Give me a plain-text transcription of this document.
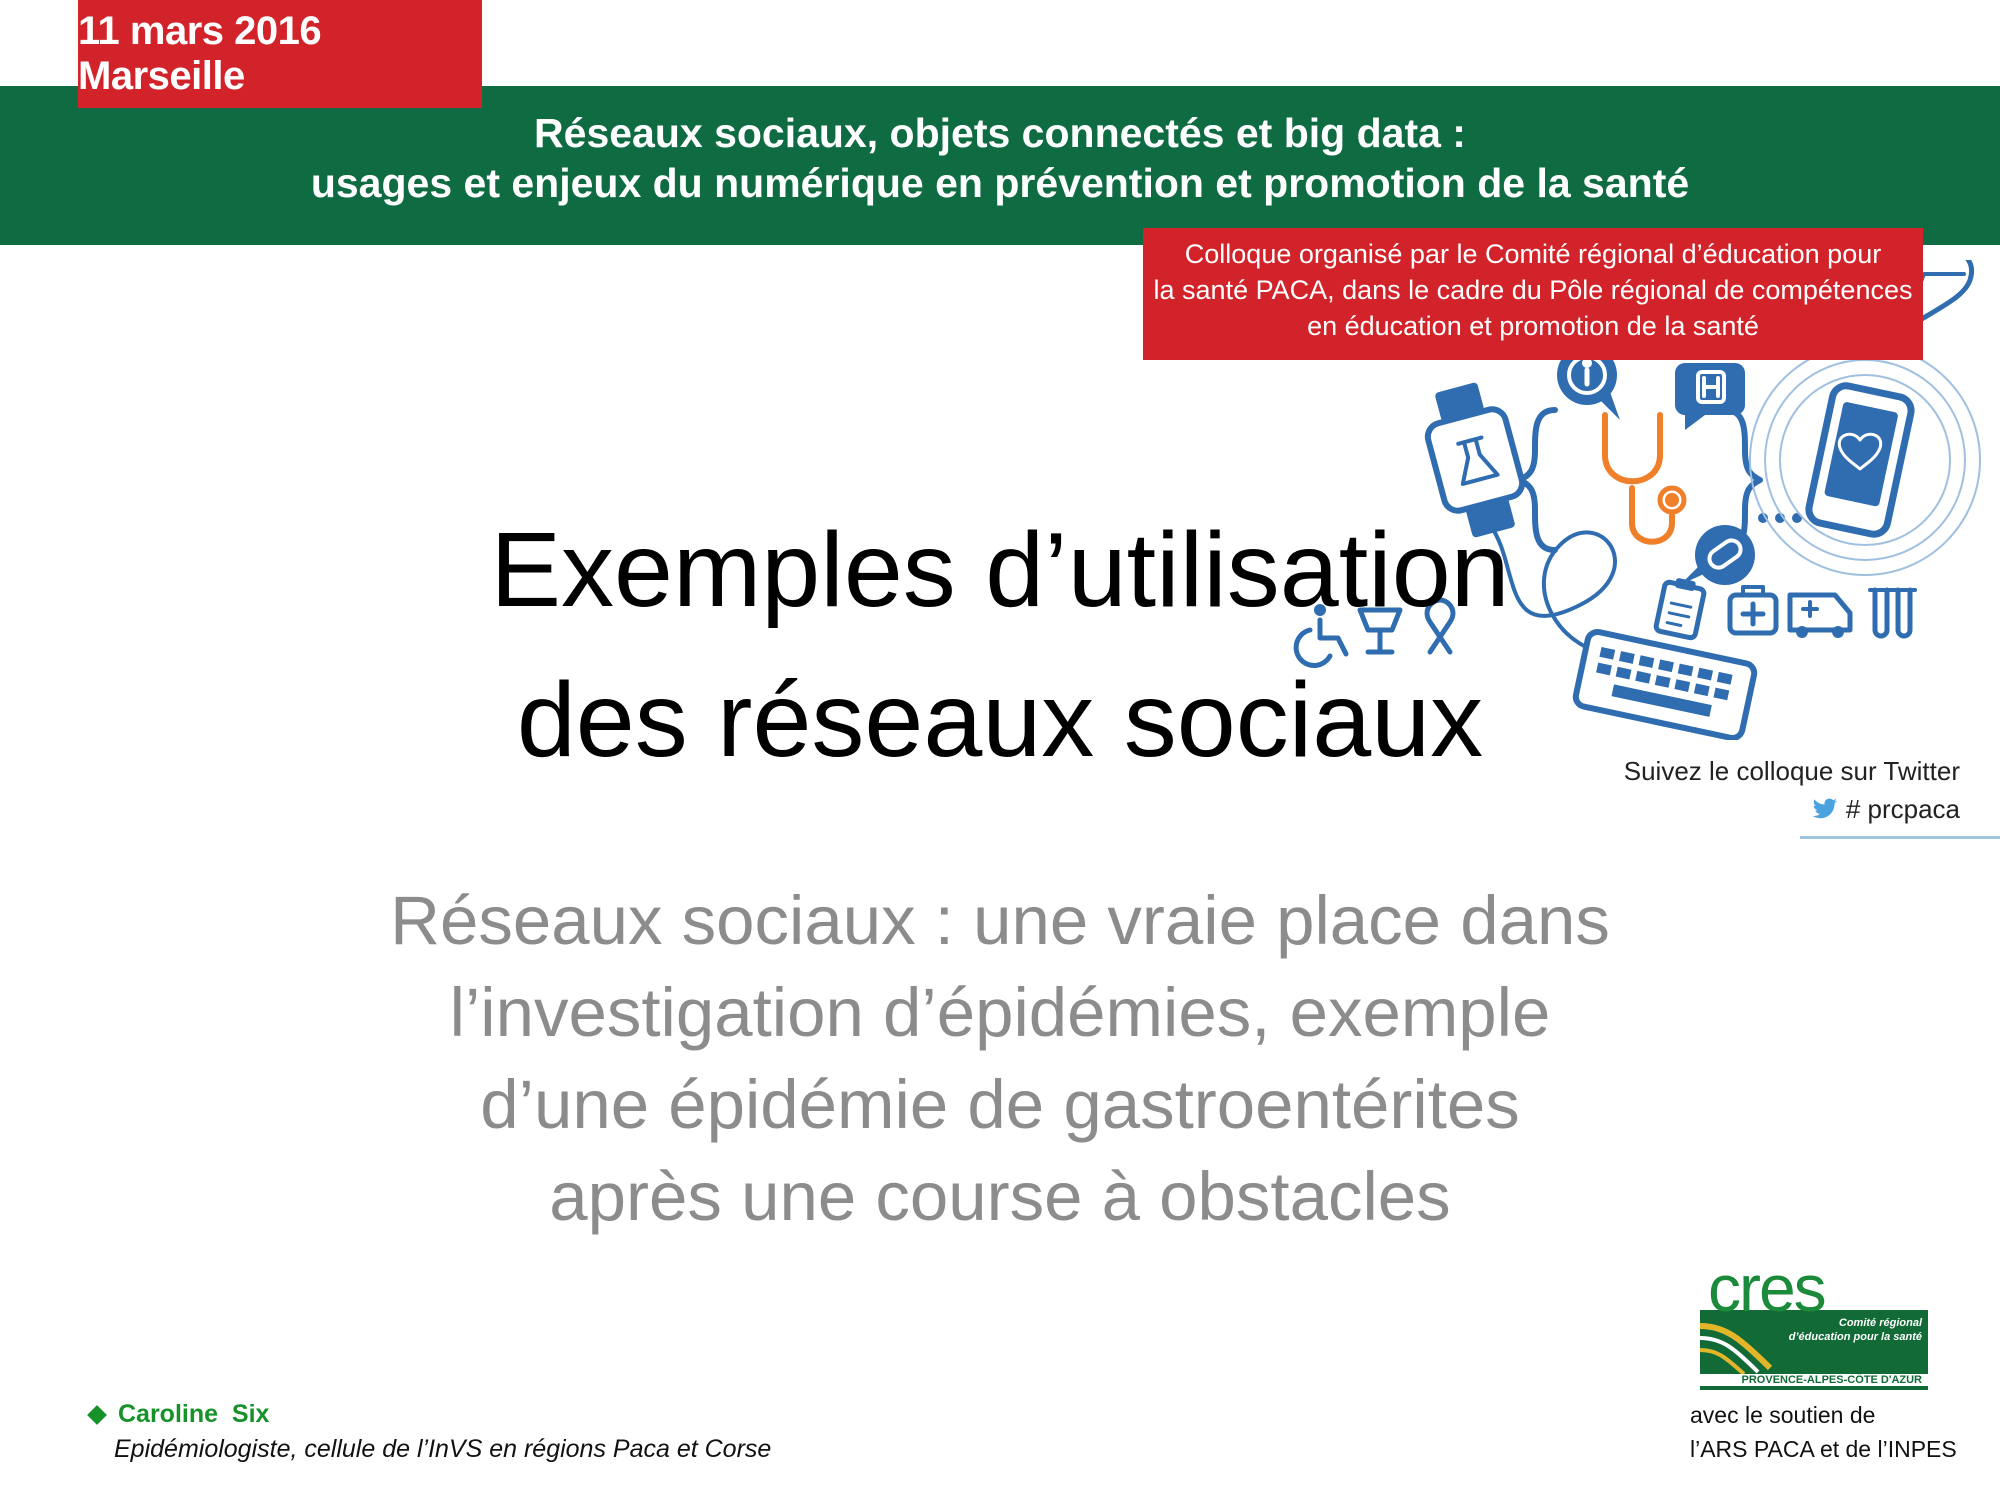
11 mars 2016 Marseille
Réseaux sociaux, objets connectés et big data :
usages et enjeux du numérique en prévention et promotion de la santé
Colloque organisé par le Comité régional d’éducation pour
la santé PACA, dans le cadre du Pôle régional de compétences
en éducation et promotion de la santé
Exemples d’utilisation
des réseaux sociaux	Suivez le colloque sur Twitter
# prcpaca
Réseaux sociaux : une vraie place dans
l’investigation d’épidémies, exemple
d’une épidémie de gastroentérites
après une course à obstacles
cres	Comité régional
d’éducation pour la santé
PROVENCE-ALPES-CÔTE D'AZUR
avec le soutien de
l’ARS PACA et de l’INPES
Caroline  Six
Epidémiologiste, cellule de l’InVS en régions Paca et Corse
